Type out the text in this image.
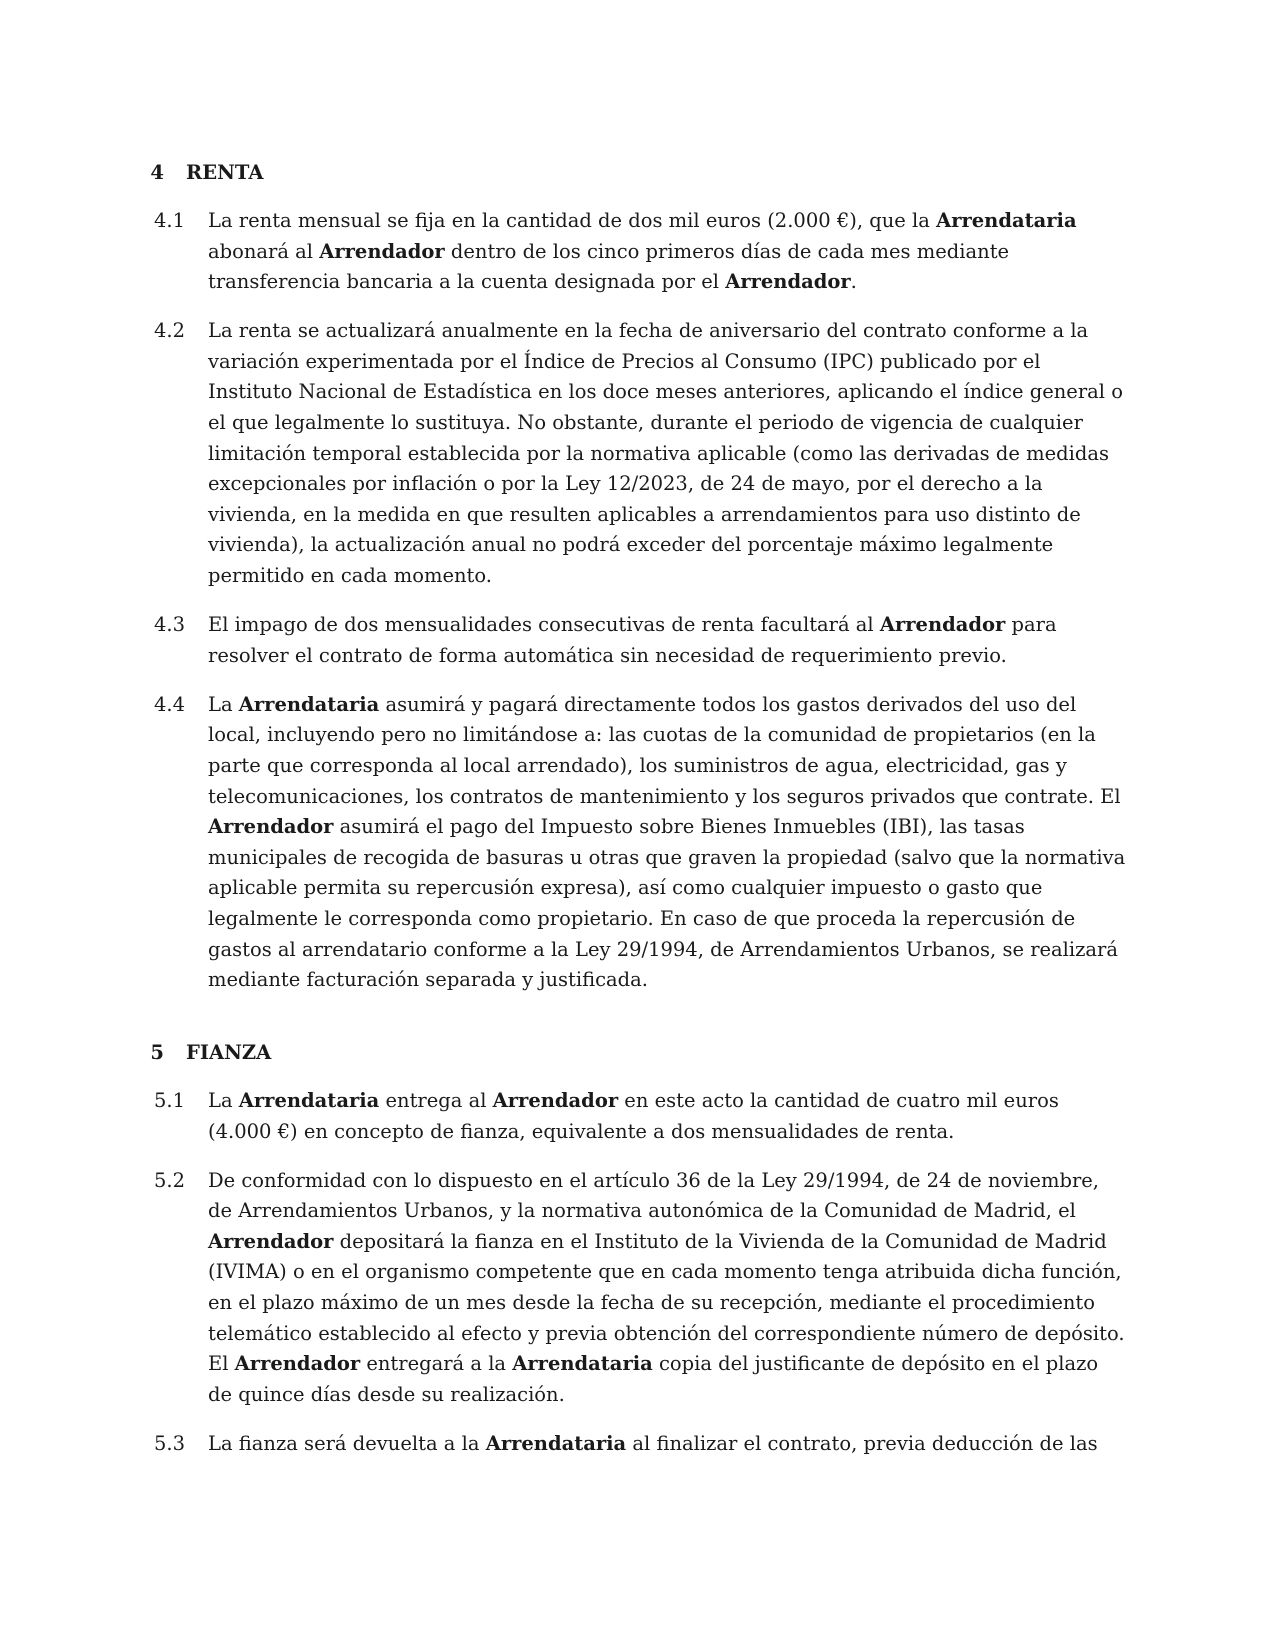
4	RENTA
4.1	La renta mensual se fija en la cantidad de dos mil euros (2.000 €), que la Arrendataria abonará al Arrendador dentro de los cinco primeros días de cada mes mediante transferencia bancaria a la cuenta designada por el Arrendador.
4.2	La renta se actualizará anualmente en la fecha de aniversario del contrato conforme a la variación experimentada por el Índice de Precios al Consumo (IPC) publicado por el Instituto Nacional de Estadística en los doce meses anteriores, aplicando el índice general o el que legalmente lo sustituya. No obstante, durante el periodo de vigencia de cualquier limitación temporal establecida por la normativa aplicable (como las derivadas de medidas excepcionales por inflación o por la Ley 12/2023, de 24 de mayo, por el derecho a la vivienda, en la medida en que resulten aplicables a arrendamientos para uso distinto de vivienda), la actualización anual no podrá exceder del porcentaje máximo legalmente permitido en cada momento.
4.3	El impago de dos mensualidades consecutivas de renta facultará al Arrendador para resolver el contrato de forma automática sin necesidad de requerimiento previo.
4.4	La Arrendataria asumirá y pagará directamente todos los gastos derivados del uso del local, incluyendo pero no limitándose a: las cuotas de la comunidad de propietarios (en la parte que corresponda al local arrendado), los suministros de agua, electricidad, gas y telecomunicaciones, los contratos de mantenimiento y los seguros privados que contrate. El Arrendador asumirá el pago del Impuesto sobre Bienes Inmuebles (IBI), las tasas municipales de recogida de basuras u otras que graven la propiedad (salvo que la normativa aplicable permita su repercusión expresa), así como cualquier impuesto o gasto que legalmente le corresponda como propietario. En caso de que proceda la repercusión de gastos al arrendatario conforme a la Ley 29/1994, de Arrendamientos Urbanos, se realizará mediante facturación separada y justificada.
5	FIANZA
5.1	La Arrendataria entrega al Arrendador en este acto la cantidad de cuatro mil euros (4.000 €) en concepto de fianza, equivalente a dos mensualidades de renta.
5.2	De conformidad con lo dispuesto en el artículo 36 de la Ley 29/1994, de 24 de noviembre, de Arrendamientos Urbanos, y la normativa autonómica de la Comunidad de Madrid, el Arrendador depositará la fianza en el Instituto de la Vivienda de la Comunidad de Madrid (IVIMA) o en el organismo competente que en cada momento tenga atribuida dicha función, en el plazo máximo de un mes desde la fecha de su recepción, mediante el procedimiento telemático establecido al efecto y previa obtención del correspondiente número de depósito. El Arrendador entregará a la Arrendataria copia del justificante de depósito en el plazo de quince días desde su realización.
5.3	La fianza será devuelta a la Arrendataria al finalizar el contrato, previa deducción de las
